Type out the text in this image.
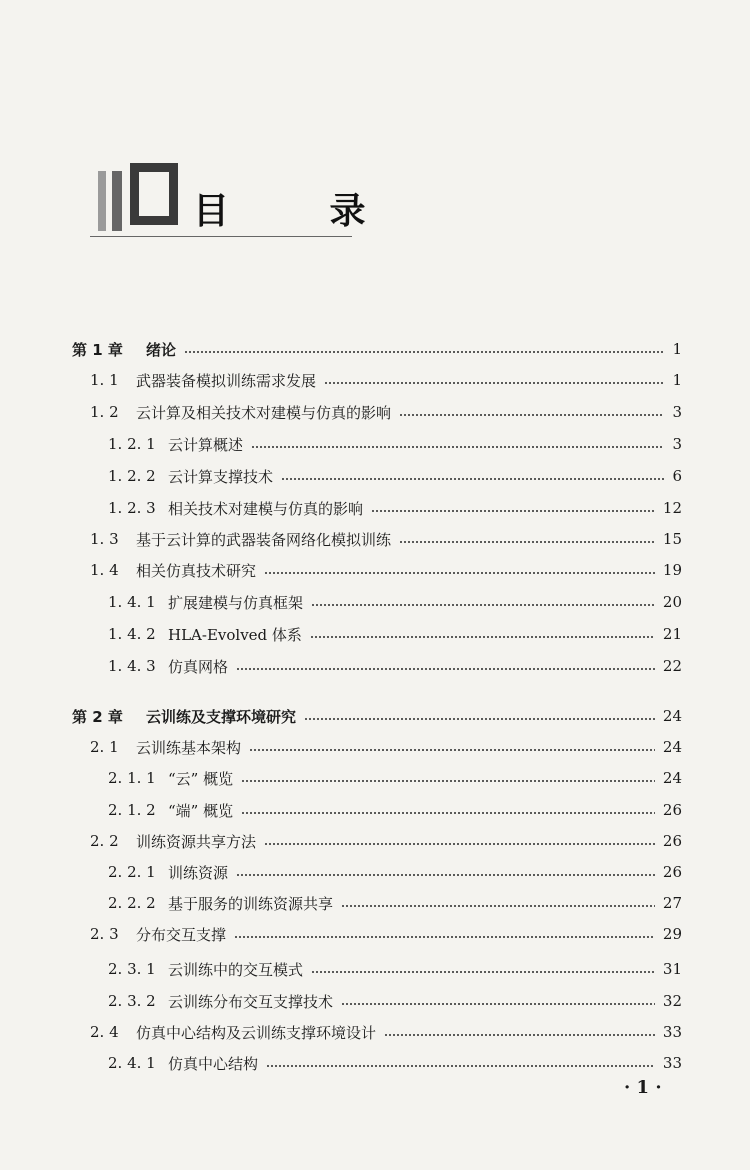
目 录
第 1 章	绪论	1
1. 1	武器装备模拟训练需求发展	1
1. 2	云计算及相关技术对建模与仿真的影响	3
1. 2. 1 云计算概述	3
1. 2. 2 云计算支撑技术	6
1. 2. 3 相关技术对建模与仿真的影响	12
1. 3	基于云计算的武器装备网络化模拟训练	15
1. 4	相关仿真技术研究	19
1. 4. 1 扩展建模与仿真框架	20
1. 4. 2 HLA-Evolved 体系	21
1. 4. 3 仿真网格	22
第 2 章	云训练及支撑环境研究	24
2. 1	云训练基本架构	24
2. 1. 1 “云” 概览	24
2. 1. 2 “端” 概览	26
2. 2	训练资源共享方法	26
2. 2. 1 训练资源	26
2. 2. 2 基于服务的训练资源共享	27
2. 3	分布交互支撑	29
2. 3. 1 云训练中的交互模式	31
2. 3. 2 云训练分布交互支撑技术	32
2. 4	仿真中心结构及云训练支撑环境设计	33
2. 4. 1 仿真中心结构	33
· 1 ·
